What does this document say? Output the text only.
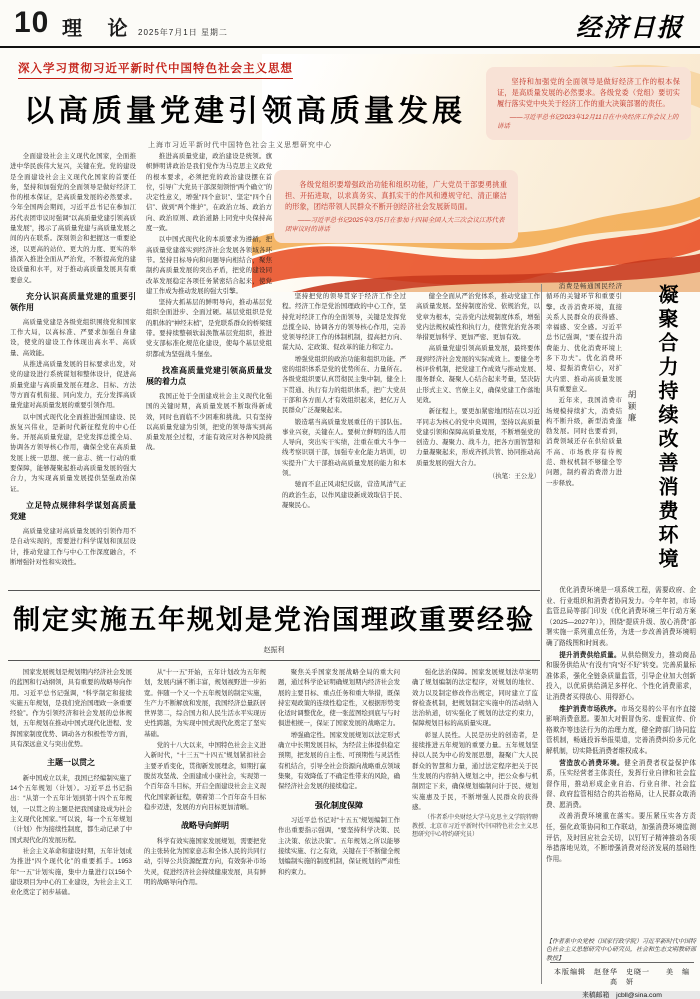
10 理 论 2025年7月1日 星期二	经济日报
深入学习贯彻习近平新时代中国特色社会主义思想
以高质量党建引领高质量发展
上海市习近平新时代中国特色社会主义思想研究中心

坚持和加强党的全面领导是做好经济工作的根本保证，是高质量发展的必然要求。各级党委（党组）要切实履行落实党中央关于经济工作的重大决策部署的责任。

——习近平总书记2023年12月11日在中央经济工作会议上的讲话

各级党组织要增强政治功能和组织功能，广大党员干部要勇挑重担、开拓进取，以求真务实、真抓实干的作风和遵规守纪、清正廉洁的形象，团结带领人民群众不断开创经济社会发展新局面。

——习近平总书记2025年3月5日在参加十四届全国人大三次会议江苏代表团审议时的讲话

全面建设社会主义现代化国家，全面推进中华民族伟大复兴，关键在党。党的建设是全面建设社会主义现代化国家的首要任务，坚持和加强党的全面领导是做好经济工作的根本保证，是高质量发展的必然要求。今年全国两会期间，习近平总书记在参加江苏代表团审议时强调“以高质量党建引领高质量发展”，揭示了高质量党建与高质量发展之间的内在联系。深刻领会和把握这一重要论述，以更高的站位、更大的力度、更实的举措深入推进全面从严治党，不断提高党的建设质量和水平，对于推动高质量发展具有重要意义。

充分认识高质量党建的重要引领作用

高质量党建是各级党组织围绕党和国家工作大局，以高标准、严要求加强自身建设，使党的建设工作体现出高水平、高质量、高效能。

从推进高质量发展的目标要求出发，对党的建设进行系统谋划和整体设计，促进高质量党建与高质量发展在理念、目标、方法等方面有机衔接、同向发力，充分发挥高质量党建对高质量发展的重要引领作用。

以中国式现代化全面推进强国建设、民族复兴伟业，是新时代新征程党的中心任务。开展高质量党建，是党发挥总揽全局、协调各方领导核心作用，确保全党在高质量发展上统一思想、统一意志、统一行动的重要保障，能够凝聚起推动高质量发展的强大合力，为实现高质量发展提供坚强政治保证。

立足特点规律科学谋划高质量党建

高质量党建对高质量发展的引领作用不是自动实现的，需要进行科学谋划和顶层设计，推动党建工作与中心工作深度融合，不断增强针对性和实效性。

推进高质量党建，政治建设是统领。旗帜鲜明讲政治是我们党作为马克思主义政党的根本要求，必须把党的政治建设摆在首位，引导广大党员干部深刻领悟“两个确立”的决定性意义，增强“四个意识”、坚定“四个自信”、做到“两个维护”，在政治立场、政治方向、政治原则、政治道路上同党中央保持高度一致。

以中国式现代化的本质要求为遵循，把高质量党建落实到经济社会发展各领域各环节。坚持目标导向和问题导向相结合，聚焦制约高质量发展的突出矛盾，把党的建设同改革发展稳定各项任务紧密结合起来，使党建工作成为推动发展的强大引擎。

坚持大抓基层的鲜明导向，推动基层党组织全面进步、全面过硬。基层党组织是党的肌体的“神经末梢”，是党联系群众的桥梁纽带。要持续整顿软弱涣散基层党组织，推进党支部标准化规范化建设，使每个基层党组织都成为坚强战斗堡垒。

找准高质量党建引领高质量发展的着力点

我国正处于全面建成社会主义现代化强国的关键时期，高质量发展不断取得新成效，同时也面临不少困难和挑战。只有坚持以高质量党建为引领，把党的领导落实到高质量发展全过程，才能有效应对各种风险挑战。

坚持把党的领导贯穿于经济工作全过程。经济工作是党治国理政的中心工作，坚持党对经济工作的全面领导，关键是发挥党总揽全局、协调各方的领导核心作用，完善党领导经济工作的体制机制，提高把方向、谋大局、定政策、促改革的能力和定力。

增强党组织的政治功能和组织功能。严密的组织体系是党的优势所在、力量所在。各级党组织要认真贯彻民主集中制，健全上下贯通、执行有力的组织体系，把广大党员干部和各方面人才有效组织起来，把亿万人民群众广泛凝聚起来。

锻造堪当高质量发展重任的干部队伍。事业兴衰，关键在人。要树立鲜明的选人用人导向，突出实干实绩，注重在重大斗争一线考察识别干部，加强专业化能力培训，切实提升广大干部推动高质量发展的能力和本领。

驰而不息正风肃纪反腐，营造风清气正的政治生态，以作风建设新成效取信于民、凝聚民心。

健全全面从严治党体系，推动党建工作高质量发展。坚持制度治党、依规治党，以党章为根本，完善党内法规制度体系，增强党内法规权威性和执行力，使管党治党各项举措更加科学、更加严密、更加有效。

高质量党建引领高质量发展，最终要体现到经济社会发展的实际成效上。要健全考核评价机制，把党建工作成效与推动发展、服务群众、凝聚人心结合起来考量，坚决防止形式主义、官僚主义，确保党建工作落地见效。

新征程上，要更加紧密地团结在以习近平同志为核心的党中央周围，坚持以高质量党建引领和保障高质量发展，不断增强党的创造力、凝聚力、战斗力，把各方面智慧和力量凝聚起来，形成齐抓共管、协同推动高质量发展的强大合力。

（执笔：王公龙）

制定实施五年规划是党治国理政重要经验
赵振利

国家发展规划是规划期内经济社会发展的蓝图和行动纲领，具有重要的战略导向作用。习近平总书记强调，“科学制定和接续实施五年规划，是我们党治国理政一条重要经验”。作为引领经济和社会发展的总体规划，五年规划在推动中国式现代化进程、发挥国家制度优势、调动各方积极性等方面，具有深远意义与突出优势。

主题一以贯之

新中国成立以来，我国已经编制实施了14个五年规划（计划）。习近平总书记指出：“从第一个五年计划到第十四个五年规划，一以贯之的主题是把我国建设成为社会主义现代化国家。”可以说，每一个五年规划（计划）作为接续性制度，都生动记录了中国式现代化的发展历程。

社会主义革命和建设时期，五年计划成为推进“四个现代化”的重要抓手。1953年“一五”计划实施，集中力量进行以156个建设项目为中心的工业建设，为社会主义工业化奠定了初步基础。

从“十一五”开始，五年计划改为五年规划，发展内涵不断丰富，规划视野进一步拓宽。伴随一个又一个五年规划的制定实施，生产力不断解放和发展，我国经济总量跃居世界第二，综合国力和人民生活水平实现历史性跨越，为实现中国式现代化奠定了坚实基础。

党的十八大以来，中国特色社会主义进入新时代，“十三五”“十四五”规划紧扣社会主要矛盾变化，贯彻新发展理念，如期打赢脱贫攻坚战、全面建成小康社会，实现第一个百年奋斗目标，开启全面建设社会主义现代化国家新征程，朝着第二个百年奋斗目标稳步迈进，发展的方向目标更加清晰。

战略导向鲜明

科学有效实施国家发展规划，需要把党的主张转化为国家意志和全体人民的共同行动，引导公共资源配置方向，有效弥补市场失灵，促进经济社会持续健康发展，具有鲜明的战略导向作用。

聚焦关乎国家发展战略全局的重大问题，通过科学论证明确规划期内经济社会发展的主要目标、重点任务和重大举措，既保持宏观政策的连续性稳定性，又根据形势变化适时调整优化，使一张蓝图绘到底与与时俱进相统一，保证了国家发展的战略定力。

增强确定性。国家发展规划以法定形式确立中长期发展目标，为经营主体提供稳定预期，把发展的自主性、可预期性与灵活性有机结合，引导全社会资源向战略重点领域集聚，有效降低了不确定性带来的风险，确保经济社会发展的接续稳定。

强化制度保障

习近平总书记对“十五五”规划编制工作作出重要指示强调，“要坚持科学决策、民主决策、依法决策”。五年规划之所以能够接续实施、行之有效，关键在于不断健全规划编制实施的制度机制，保证规划的严肃性和约束力。

强化法治保障。国家发展规划法草案明确了规划编制的法定程序，对规划的地位、效力以及制定修改作出规定，同时建立了监督检查机制，把规划制定实施中的活动纳入法治轨道，切实强化了规划的法定约束力，保障规划目标的高质量实现。

彰显人民性。人民是历史的创造者，是接续推进五年规划的重要力量。五年规划坚持以人民为中心的发展思想，凝聚广大人民群众的智慧和力量，通过法定程序把关于民生发展的内容纳入规划之中，把公众参与机制固定下来，确保规划编制问计于民、规划实施惠及于民，不断增强人民群众的获得感。

（作者系中央财经大学马克思主义学院特聘教授、北京市习近平新时代中国特色社会主义思想研究中心特约研究员）

消费是畅通国民经济循环的关键环节和重要引擎。改善消费环境，直接关系人民群众的获得感、幸福感、安全感。习近平总书记强调，“要在提升消费能力、优化消费环境上多下功夫”。优化消费环境、提振消费信心，对扩大内需、推动高质量发展具有重要意义。

近年来，我国消费市场规模持续扩大，消费结构不断升级，新型消费蓬勃发展。同时也要看到，消费领域还存在供给质量不高、市场秩序有待规范、维权机制不够健全等问题，制约着消费潜力进一步释放。

胡颖廉 凝聚合力持续改善消费环境

优化消费环境是一项系统工程，需要政府、企业、行业组织和消费者协同发力。今年年初，市场监管总局等部门印发《优化消费环境三年行动方案（2025—2027年）》，围绕“提质升级、放心消费”部署实施一系列重点任务，为进一步改善消费环境明确了路线图和时间表。

提升消费供给质量。从供给侧发力，推动商品和服务供给从“有没有”向“好不好”转变。完善质量标准体系，强化全链条质量监管，引导企业加大创新投入，以优质供给满足多样化、个性化消费需求，让消费者买得放心、用得舒心。

维护消费市场秩序。市场交易的公平有序直接影响消费意愿。要加大对假冒伪劣、虚假宣传、价格欺诈等违法行为的治理力度，健全跨部门协同监管机制，畅通投诉举报渠道，完善消费纠纷多元化解机制，切实降低消费者维权成本。

营造放心消费环境。健全消费者权益保护体系，压实经营者主体责任，发挥行业自律和社会监督作用，推动形成企业自治、行业自律、社会监督、政府监管相结合的共治格局，让人民群众敢消费、愿消费。

改善消费环境重在落实。要压紧压实各方责任，强化政策协同和工作联动，加强消费环境监测评估，及时回应社会关切，以钉钉子精神推动各项举措落地见效，不断增强消费对经济发展的基础性作用。

【作者系中央党校（国家行政学院）习近平新时代中国特色社会主义思想研究中心研究员，社会和生态文明教研部教授】

本版编辑　赵登华　史晓一　　美　编　高　妍

来稿邮箱　jcbll@sina.com
